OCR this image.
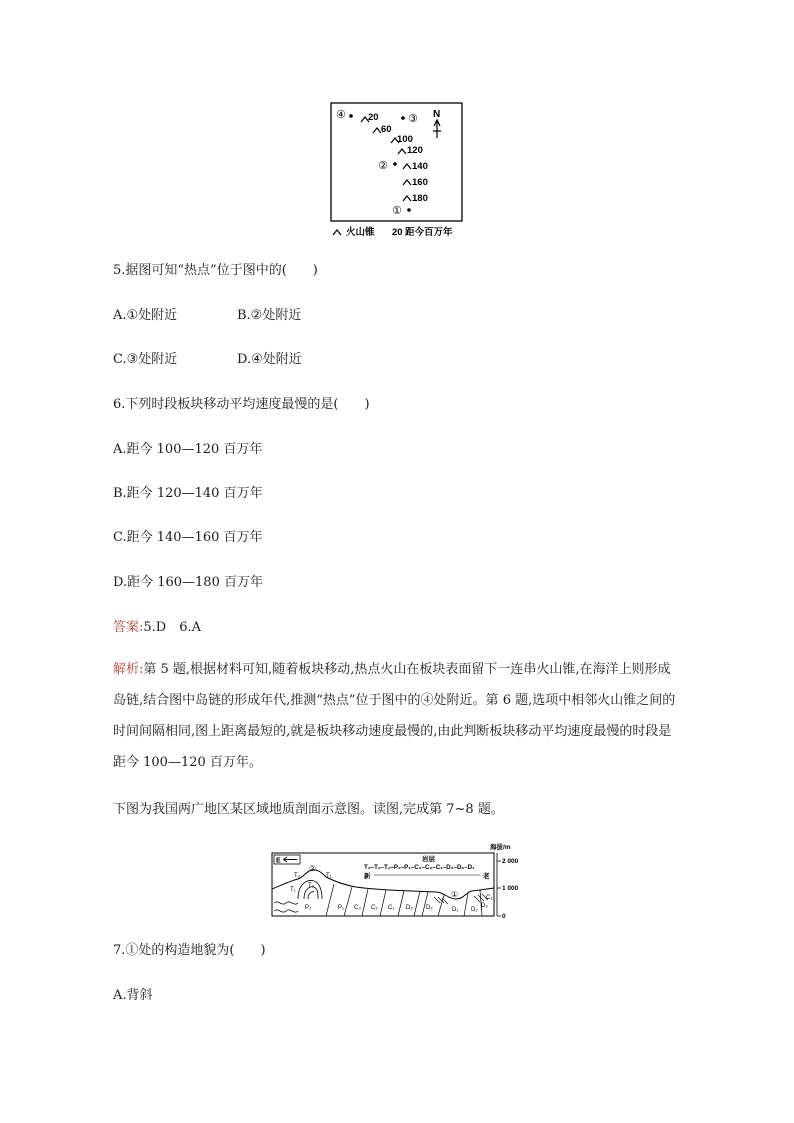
④ 20	③ N
60
100
120
②	140
160
180
①
火山锥 20 距今百万年
5.据图可知“热点”位于图中的(　　)
A.①处附近	B.②处附近
C.③处附近	D.④处附近
6.下列时段板块移动平均速度最慢的是(　　)
A.距今 100—120 百万年
B.距今 120—140 百万年
C.距今 140—160 百万年
D.距今 160—180 百万年
答案:5.D　6.A
解析:第 5 题,根据材料可知,随着板块移动,热点火山在板块表面留下一连串火山锥,在海洋上则形成岛链,结合图中岛链的形成年代,推测“热点”位于图中的④处附近。第 6 题,选项中相邻火山锥之间的时间间隔相同,图上距离最短的,就是板块移动速度最慢的,由此判断板块移动平均速度最慢的时段是距今 100—120 百万年。
下图为我国两广地区某区域地质剖面示意图。读图,完成第 7~8 题。
E
②
①
岩层
T₃–T₂–T₁–P₂–P₁–C₃–C₂–C₁–D₃–D₂–D₁
新	老
T₃	T₁
T₂
T₁
P₂	P₁ C₃ C₂ C₁ D₃ D₂	D₁ D₂
D₃
C₁
海拔/m
2 000
1 000
0
7.①处的构造地貌为(　　)
A.背斜
